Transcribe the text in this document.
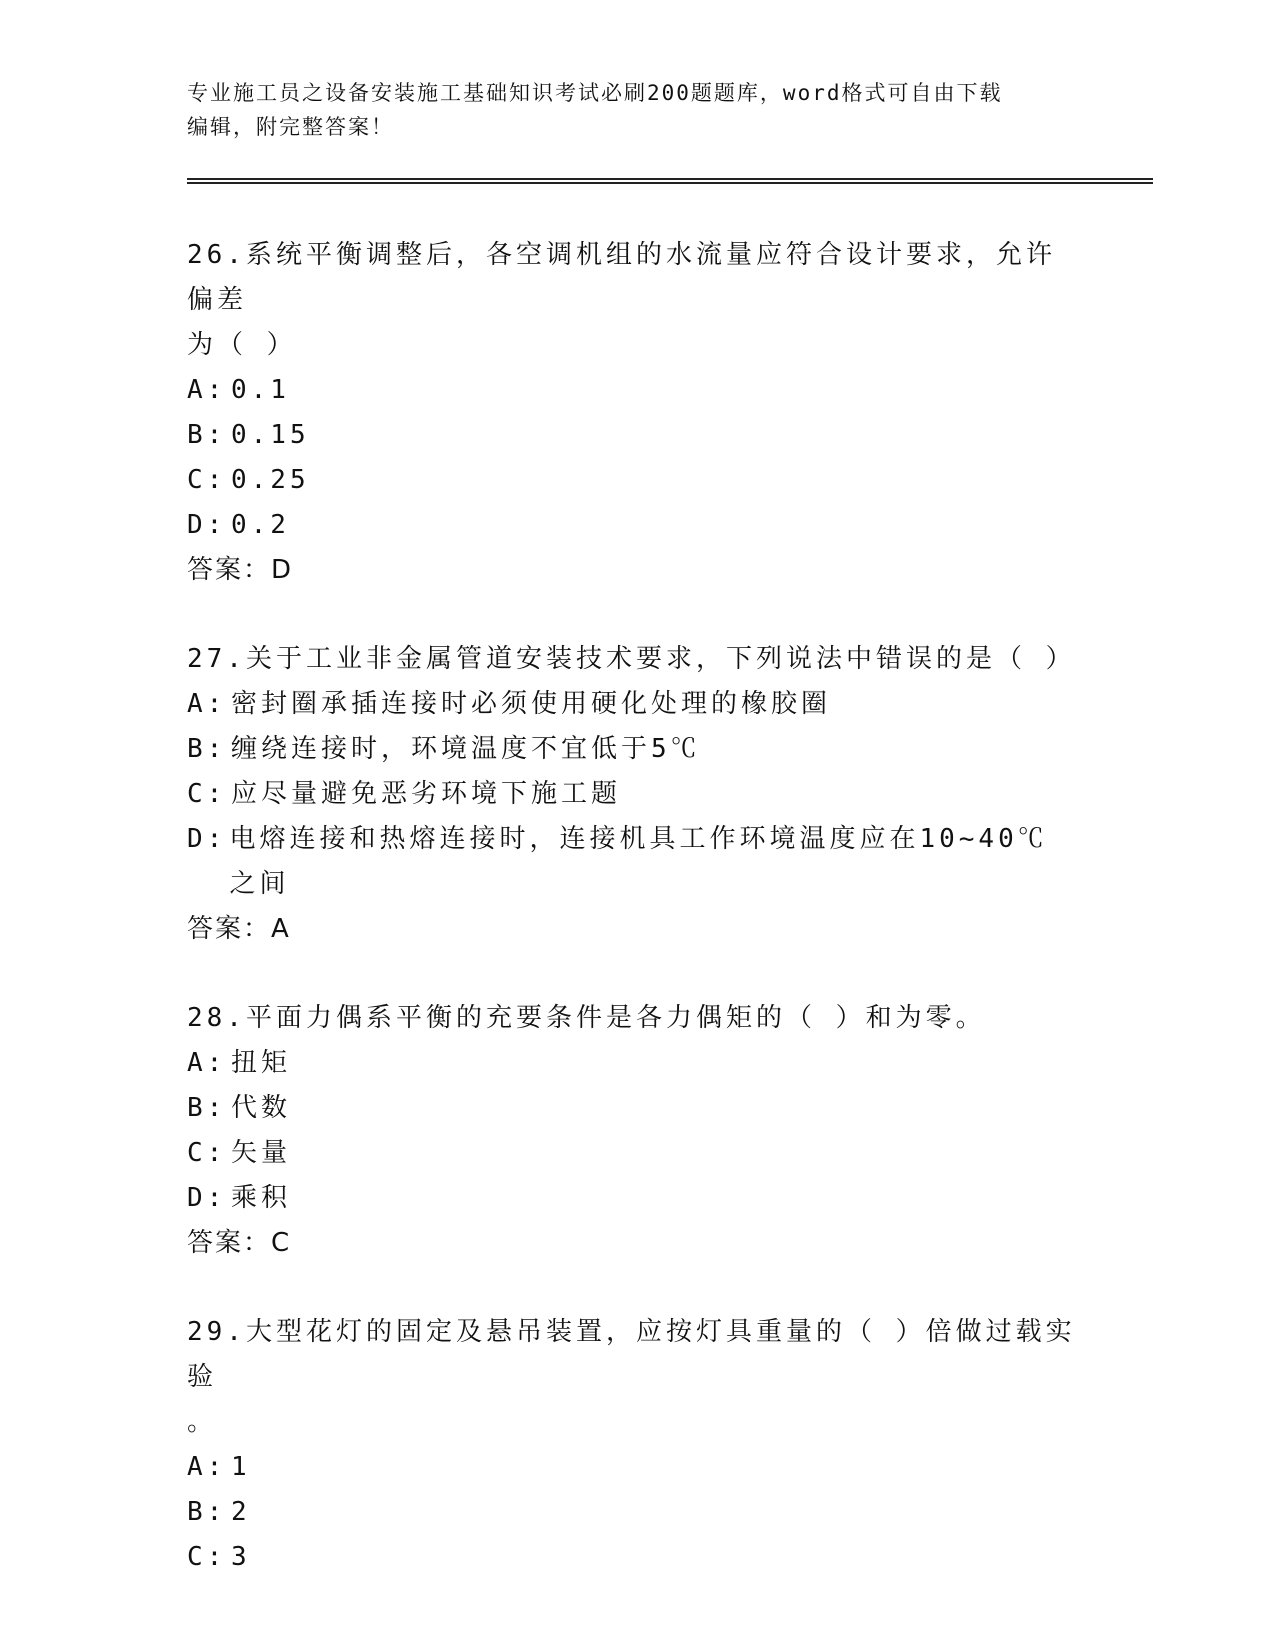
专业施工员之设备安装施工基础知识考试必刷200题题库，word格式可自由下载
编辑，附完整答案！
26.系统平衡调整后，各空调机组的水流量应符合设计要求，允许偏差
为（ ）
A: 0.1
B: 0.15
C: 0.25
D: 0.2
答案：D
27.关于工业非金属管道安装技术要求，下列说法中错误的是（ ）
A: 密封圈承插连接时必须使用硬化处理的橡胶圈
B: 缠绕连接时，环境温度不宜低于5℃
C: 应尽量避免恶劣环境下施工题
D: 电熔连接和热熔连接时，连接机具工作环境温度应在10~40℃之间
答案：A
28.平面力偶系平衡的充要条件是各力偶矩的（ ）和为零。
A: 扭矩
B: 代数
C: 矢量
D: 乘积
答案：C
29.大型花灯的固定及悬吊装置，应按灯具重量的（ ）倍做过载实验
。
A: 1
B: 2
C: 3
